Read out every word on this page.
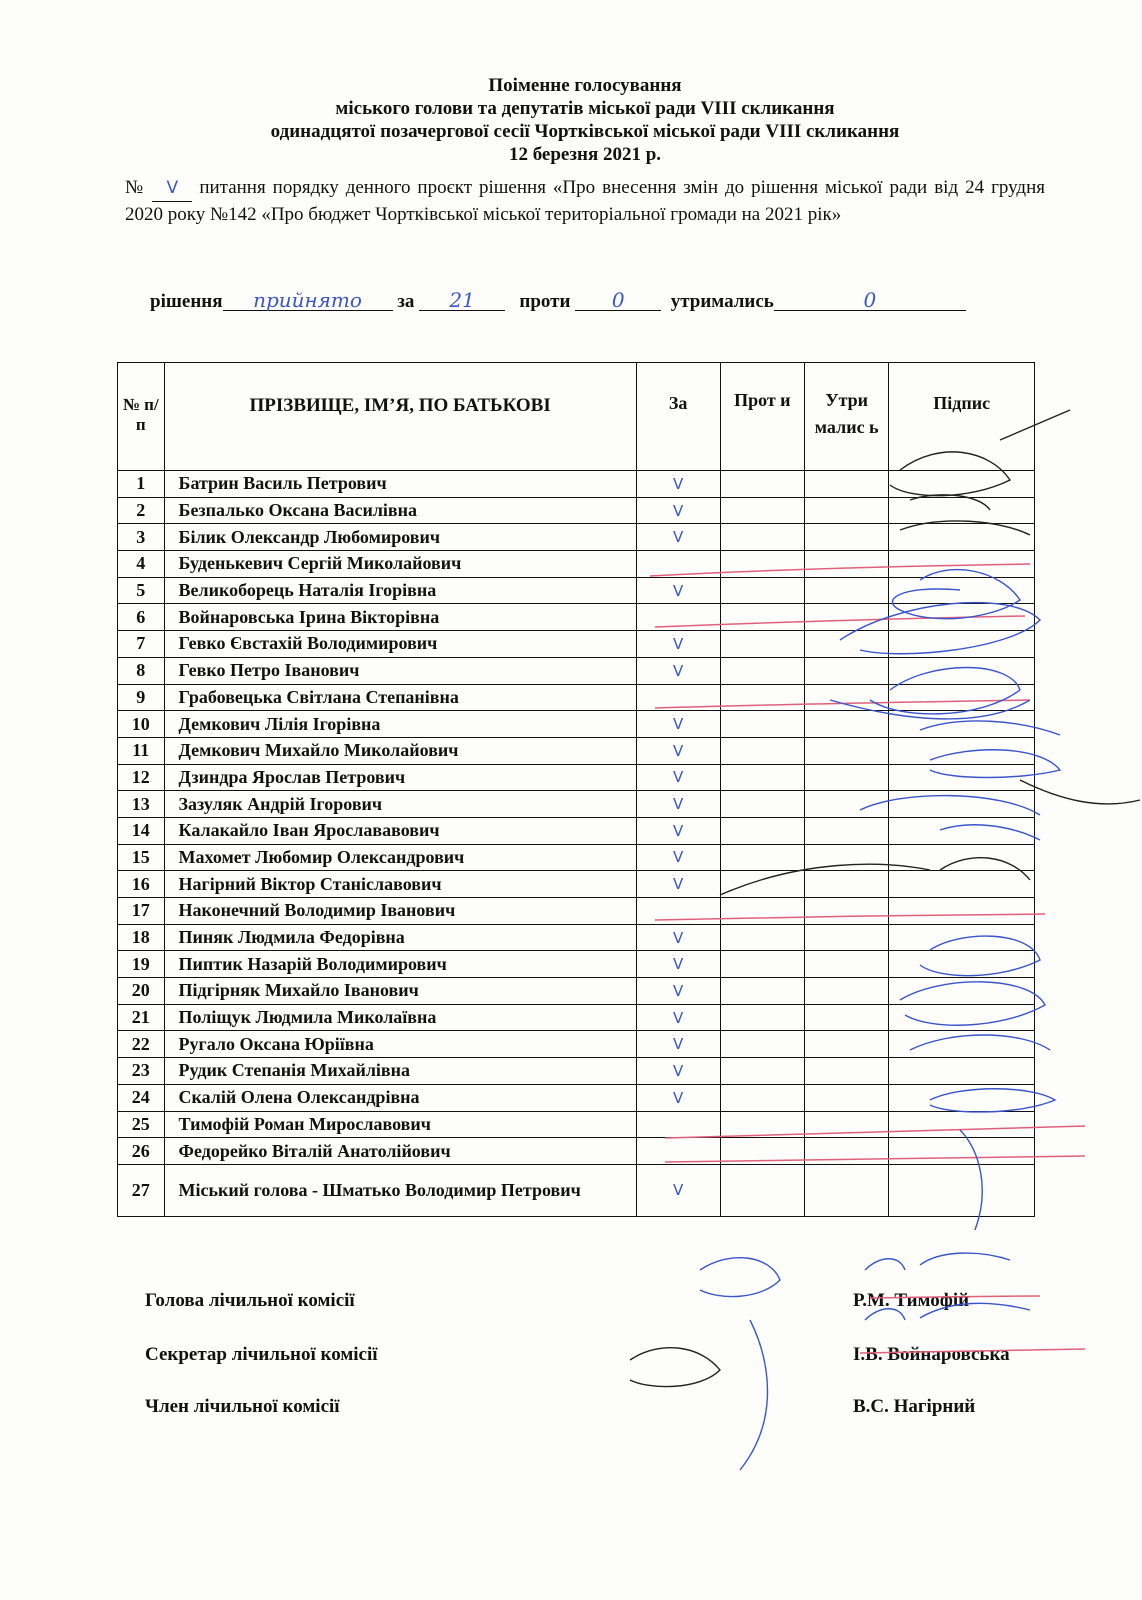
Поіменне голосування
міського голови та депутатів міської ради VIII скликання
одинадцятої позачергової сесії Чортківської міської ради VIII скликання
12 березня 2021 р.
№ V питання порядку денного проєкт рішення «Про внесення змін до рішення міської ради від 24 грудня 2020 року №142 «Про бюджет Чортківської міської територіальної громади на 2021 рік»
рішення прийнято за 21 проти 0 утримались	0
№ п/п	ПРІЗВИЩЕ, ІМ’Я, ПО БАТЬКОВІ	За	Прот и	Утри малис ь	Підпис
1	Батрин Василь Петрович	V			
2	Безпалько Оксана Василівна	V			
3	Білик Олександр Любомирович	V			
4	Буденькевич Сергій Миколайович				
5	Великоборець Наталія Ігорівна	V			
6	Войнаровська Ірина Вікторівна				
7	Гевко Євстахій Володимирович	V			
8	Гевко Петро Іванович	V			
9	Грабовецька Світлана Степанівна				
10	Демкович Лілія Ігорівна	V			
11	Демкович Михайло Миколайович	V			
12	Дзиндра Ярослав Петрович	V			
13	Зазуляк Андрій Ігорович	V			
14	Калакайло Іван Ярослававович	V			
15	Махомет Любомир Олександрович	V			
16	Нагірний Віктор Станіславович	V			
17	Наконечний Володимир Іванович				
18	Пиняк Людмила Федорівна	V			
19	Пиптик Назарій Володимирович	V			
20	Підгірняк Михайло Іванович	V			
21	Поліщук Людмила Миколаївна	V			
22	Ругало Оксана Юріївна	V			
23	Рудик Степанія Михайлівна	V			
24	Скалій Олена Олександрівна	V			
25	Тимофій Роман Мирославович				
26	Федорейко Віталій Анатолійович				
27	Міський голова - Шматько Володимир Петрович	V			
Голова лічильної комісії	Р.М. Тимофій
Секретар лічильної комісії	І.В. Войнаровська
Член лічильної комісії	В.С. Нагірний
